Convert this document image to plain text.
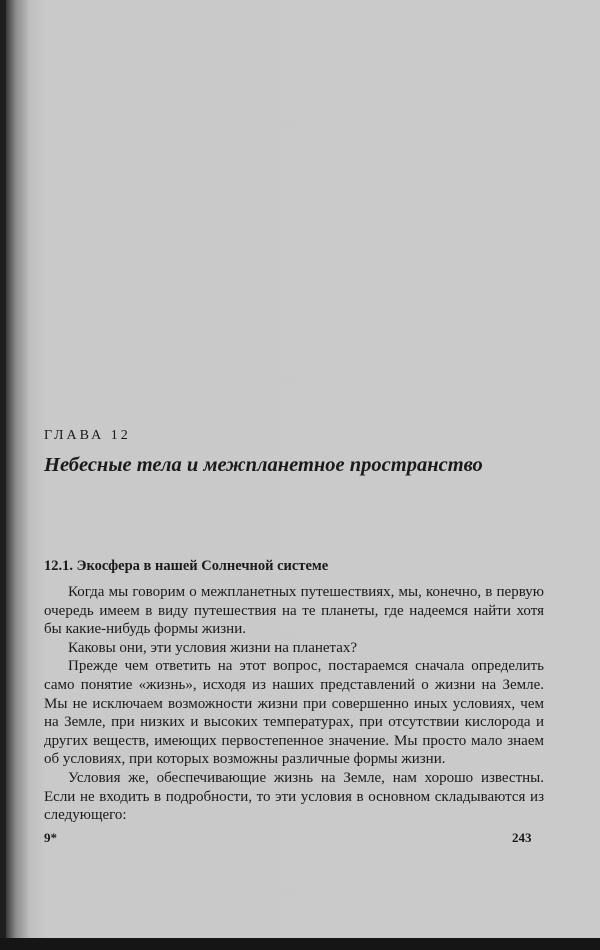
ГЛАВА 12
Небесные тела и межпланетное пространство
12.1. Экосфера в нашей Солнечной системе

Когда мы говорим о межпланетных путешествиях, мы, конечно, в первую очередь имеем в виду путешествия на те планеты, где надеемся найти хотя бы какие-нибудь формы жизни.

Каковы они, эти условия жизни на планетах?

Прежде чем ответить на этот вопрос, постараемся сначала определить само понятие «жизнь», исходя из наших представлений о жизни на Земле. Мы не исключаем возможности жизни при совершенно иных условиях, чем на Земле, при низких и высоких температурах, при отсутствии кислорода и других веществ, имеющих первостепенное значение. Мы просто мало знаем об условиях, при которых возможны различные формы жизни.

Условия же, обеспечивающие жизнь на Земле, нам хорошо известны. Если не входить в подробности, то эти условия в основном складываются из следующего:

9*	243
